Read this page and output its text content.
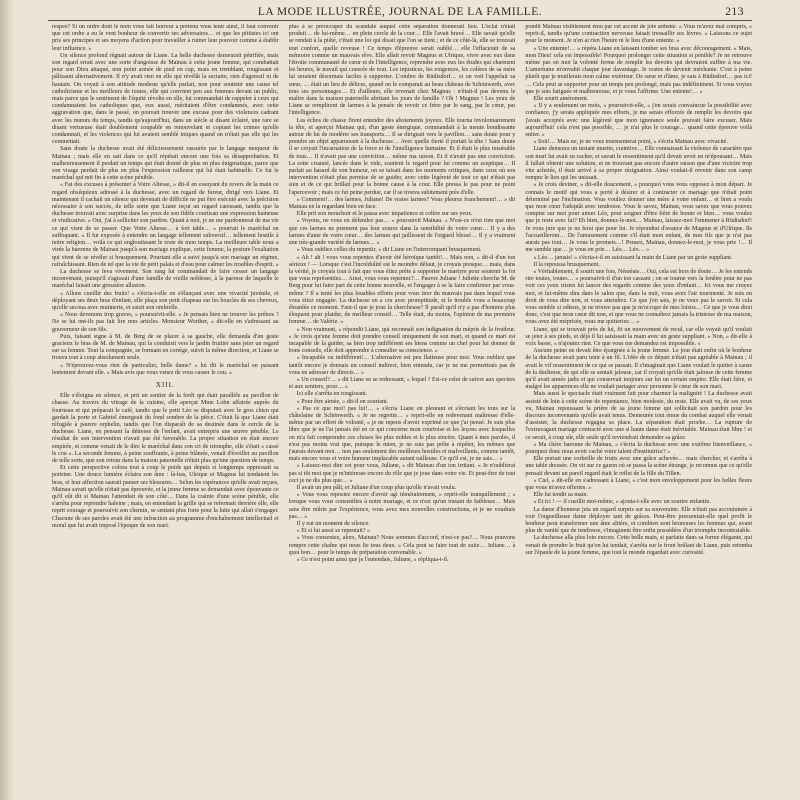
LA MODE ILLUSTRÉE, JOURNAL DE LA FAMILLE.	213

respee? Si un ordre dont le nom vous fait horreur a prétenu vous tenir ainsi, il faut convenir que cet ordre a eu le vent bonheur de convertir ses adversaires… et que les pitiistes ici ont pris ses principes et ses moyens d'action pour travailler à ruiner leur pouvoir comme à établir leur influence. »

Un silence profond régnait autour de Liane. La belle duchesse demeurait pétrifiée, mais son regard errait avec une sorte d'angoisse de Mainau à cette jeune femme, qui combattait pour son Dieu attaqué, non point armée de pied en cap, mais en tremblant, rougissant et pâlissant alternativement. Il n'y avait rien en elle qui révélât la sectaire, rien d'agressif ni de hautain. On voyait à son attitude modeste qu'elle parlait, non pour soutenir une cause tel catholicisme et les meilleurs de toutes, elle qui convient peu aux femmes devant un public, mais parce que le sentiment de l'équité révolte en elle, lui commandait de rappeler à ceux qui condamnaient les catholiques que, eux aussi, méritaient d'être condamnés, avec cette aggravation que, dans le passé, on pouvait trouver une excuse pour des violences cadrant avec les mœurs du temps, tandis qu'aujourd'hui, dans un siècle si disant éclairé, une rare se disant vertueuse était doublement coupable en renouvelant et copiant les crimes qu'elle condamnait, et les violences qui lui avaient semblé iniques quand on n'était pas elle qui les commettait.

Sans doute la duchesse avait été délicieusement rassurée par le langage moqueur de Mainau ; mais elle en sait dans ce qu'il répétait encore une fois sa désapprobation. Et malheureusement il perdait un temps qui était donné de plus en plus énigmatique, parce que son visage perdait de plus en plus l'expression railleuse qui lui était habituelle. Ce fut le maréchal qui mit fin à cette scène pénible.

« Fai des excuses à présenter à Votre Altesse, » dit-il en essuyant du revers de la main ce regard obséquieux adressé à la duchesse, avec un regard de fureur, dirigé vers Liane. Et maintenant il cachait un silence qui devenait de difficile ne put être exécuté avec la précision nécessaire à son succès, de telle sorte que Liane reçut un regard caressant, tandis que la duchesse trouvait avec surprise dans les yeux de son fidèle courtisan une expression haineuse et vindicative. « Oui, j'ai à solliciter son pardon. Quant à moi, je ne me pardonnerai de ma vie ce qui vient de se passer. Que Votre Altesse… à fort table… » pourrait le maréchal en suffoquant. « Il fut exposée à entendre un langage tellement subversif… tellement hostile à notre religion… voilà ce qui engloutissant le reste de mon temps. La meilleure table nous a virée la baronne de Mainau jusqu'à son mariage explique, cette femme, la posture l'exaltation qui vient de se révéler si brusquement. Pourtant elle a suivi jusqu'à son mariage un régime, rafraîchissant. Rien de tel que la vie de petit palais et d'eau pour calmer les troubles d'esprit. »

La duchesse se leva vivement. Son rang lui commandait de faire cesser un langage inconvenant, puisqu'il s'agissait d'une famille de vieille noblesse, à la paresse de laquelle le maréchal faisait une grossière allusion.

« Allons cueillir des fruits! » s'écria-t-elle en s'élançant avec une vivacité juvénile, et déployant ses deux bras d'enfant, elle plaça son petit chapeau sur les boucles de ses cheveux, qu'elle secoua avec mutinerie, et saisit son ombrelle.

« Nous devenons trop graves, » poursuivit-elle. « Je pensais bien ne trouver les prêtres ? Ne se lui ont-ils pas fait lire mes articles. Monsieur Worther, » dit-elle en s'adressant au gouverneur de son fils.

Puis, faisant signe à M. de Berg de se placer à sa gauche, elle demanda d'un geste gracieux le bras de M. de Mainau, qui la conduisit vers le jardin fruitier sans jeter un regard sur sa femme. Tout la compagnie, se formant en cortège, suivit la même direction, et Liane se trouva tout à coup absolument seule.

« N'éprouvez-vous rien de particulier, belle dame? » lui dit le maréchal en passant lentement devant elle. « Mais avis que vous venez de vous casser le cou. »

XIII.

Elle s'éloigna en silence, et prit un sentier de la forêt qui était parallèle au pavillon de chasse. Au travers du vitrage de la cuisine, elle aperçut Mme Lohn affairée auprès du fourneau et qui préparait le café, tandis que le petit Léo se disputait avec le gros chien qui gardait la porte et Gabriel émergeait du fond sombre de la pièce. C'était là que Liane était réfugiée à pauvre orphelin, tandis que l'on disparaît de sa destinée dans le cercle de la duchesse. Liane, en pensant la détresse de l'enfant, avait entrepris une œuvre pénible. Le résultat de son intervention n'avait pas été favorable. La propre situation en était encore empirée, et comme venait de le dire le maréchal dans son cri de triomphe, elle s'était « cassé le cou ». La seconde femme, à peine souffrante, à peine blâmée, venait d'éveiller au pavillon de telle sorte, que son retour dans la maison paternelle n'était plus qu'une question de temps.

Et cette perspective colora tout à coup le poids qui depuis si longtemps oppressait sa poitrine. Une douce lumière éclaira son âme : là-bas, Ulrique et Magnus lui tendaient les bras, et leur affection saurait panser ses blessures… Selon les espérances qu'elle avait reçues, Mainau savait qu'elle n'était pas éprouvée, et la jeune femme se demandait avec épouvante ce qu'il eût dit si Mainau l'attendait de son côté… Dans la crainte d'une scène pénible, elle s'arrêta pour reprendre haleine ; mais, en entendant la grille qui se refermait derrière elle, elle reprit courage et poursuivit son chemin, se sentant plus forte pour la lutte qui allait s'engager. Chacune de ses paroles avait été une infraction au programme d'enchaînement intellectuel et moral que lui avait imposé l'époque de son mari.

plus à se préoccuper du scandale auquel cette séparation donnerait lieu. L'éclat n'était produit… de lui-même… en plein cercle de la cour… Elle l'avait bravé… Elle savait qu'elle se rendait à la piété, c'était une loi qui disait que l'on se tient ; et de ce côté-là, elle se trouvait tout confort, quelle reveuse ! Ce temps d'épreuve serait oublié… elle l'effacerait de sa mémoire comme un mauvais rêve. Elle allait revoir Magnus et Ulrique, vivre avec eux dans l'étroite communauté de cœur et de l'intelligence, reprendre avec eux les études qui charment les heures, le travail qui console de tout. Les injustices, les exigences, les colères de sa mère lui seraient désormais faciles à supporter. L'ombre de Rüdisdorf… si on voit l'appelait sa sœur, … était un lieu de délices, quand on le comparait au beau château de Schönwerth, avec tous ses personnages… Et d'ailleurs, elle revenait chez Magnus : n'était-il pas devenu le maître dans la maison paternelle abritant les jours de famille ? Oh ! Magnus ! Les yeux de Liane se remplirent de larmes à la pensée de revoir ce frère par le sang, par le cœur, par l'intelligence.

Les échos de chasse firent entendre des aboiements joyeux. Elle tourna involontairement la tête, et aperçut Mainau qui, d'un geste énergique, commandait à la meute bondissante autour de lui de modérer ses transports… Il se dirigeait vers le pavillon… sans doute pour y prendre un objet appartenant à la duchesse… Avec quelle fierté il portait la tête ! Sans doute il se croyait l'incarnation de la force et de l'intelligence humaine. Et il était le plus misérable de tous… Il n'avait pas une conviction… même ma raison. Et il n'avait pas une conviction. La sotte cruauté, lancée dans le vide, soutient le regard pour lui comme un sceptique… Il parlait au hasard de son humeur, on se taisait dans les moments critiques, dans ceux où son intervention n'était plus permise de se guider, avec cette légèreté de tout ce qui n'était pas sien et de ce qui brillait pour la bonne cause à la cour. Elle pressa le pas pour ne point l'apercevoir ; mais ce fut peine perdue, car il se trouva subitement près d'elle.

« Comment!… des larmes, Juliane! De vraies larmes? Vous pleurez franchement!… » dit Mainau en la regardant bien en face.

Elle prit son mouchoir et le passa avec impatience et colère sur ses yeux.

« Voyons, ne vous en défendez pas… » poursuivit Mainau. « N'est-ce n'est rien que moi que ces larmes ne prennent pas leur source dans la sensibilité de votre cœur… Il y a des larmes d'ame de votre cœur… des larmes qui jaillissent de l'orgueil blessé… Il y a vraiment une très-grande variété de larmes… »

« Vous oubliez celles du repentir, » dit Liane en l'interrompant brusquement.

« Ah ! ah ! vous vous repentez d'avoir été héroïque tantôt!… Mais non, » dit-il d'un ton sérieux ! — Lorsque c'est l'incrédulité est le moindre défaut, je croyais presque… mais, dans la vérité, je croyais tout à fait que vous étiez prête à supporter le martyre pour soutenir la foi que vous représentiez… Ainsi, vous vous repentez?… Pauvre Juliane ! Juliette cherche M. de Berg pour lui faire part de cette bonne nouvelle, et l'engager à se la faire confirmer par vous-même ? Il a tenté les plus louables efforts pour vous tirer du mauvais pas dans lequel vous vous étiez engagée. La duchesse en a cru avec promptitude, et le trouble vous a beaucoup ébranlée ce moment. Faut-il que je joue la chercheuse? Il paraît qu'il n'y a pas d'homme plus éloquent pour plaider, de meilleur conseil… Telle était, du moins, l'opinion de ma première femme… de Valérie. »

« Non vraiment, » répondit Liane, qui reconnaît son indignation du mépris de la froideur. « Je crois qu'une femme doit prendre conseil uniquement de son mari, et quand ce mari est incapable de la guider, sa bien trop indifférent ses biens comme un chef pour lui donner de bons conseils, elle doit apprendre à consulter sa conscience. »

« Incapable ou indifférent!… L'alternative est peu flatteuse pour moi. Vous oubliez que tantôt encore je donnais un conseil indirect, bien entendu, car je ne me permettrais pas de vous en adresser de directs… »

« Un conseil?… » dit Liane en se redressant, « lequel ? Est-ce celui de suivre aux spectres et aux sentiers, pour… »

Ici elle s'arrêta en rougissant.

« Pour être aimée, » dit-il en souriant.

« Pas ce que moi! pas lui!… » s'écria Liane en pleurant et s'écriant les tons sur la châtelaine de Schönwerth. « Je ne regrette… » reprit-elle en redevenant maîtresse d'elle-même par un effort de volonté, « je ne repens d'avoir exprimé ce que j'ai pensé. Je suis plus libre que je ne l'ai jamais été en ce qui concerne mon courtoise et les leçons avec lesquelles on m'a fait comprendre ces choses les plus nobles et le plus sincère. Quant à mes paroles, il n'est pas moins vrai que, puisque le mien, je ne suis pas prête à répéter, les mêmes que j'aurais devant moi… non pas seulement des meilleurs hostiles et malveillants, comme tantôt, mais encore vous et votre humeur implacable autant railleuse. Ce qu'il est, je ne sais… »

« Laissez-moi dire cet pour vous, Juliane, » dit Mainau d'un ton irritant. « Je n'oublierai pas si tôt moi que je m'intéresse encore du rôle que je joue dans votre vie. Et peut-être de tout ceci je ne dis plus que… »

Il avait un peu pâli, et Juliane d'un coup plus qu'elle n'avait voulu.

« Vous vous reposiez encore d'avoir agi témérairement, » reprit-elle tranquillement ; « lorsque vous vous consentîtes à notre mariage, et ce n'est qu'un instant de faiblesse… Mais sans être mûrie par l'expérience, vous avez mes nouvelles constructions, et je ne voudrais pas… »

Il y eut un moment de silence.

« Et si lui aussi se repentait? »

« Vous consentez, alors, Mainau? Nous sommes d'accord, n'est-ce pas?… Nous pouvons rompre cette chaîne qui nous lie tous deux. » Cela peut se faire tout de suite… Juliane… à quoi bon… pour le temps de préparation convenable. »

« Ce n'est point ainsi que je l'entendais, Juliane, » répliqua-t-il.

pondit Mainau visiblement ému par cet accent de joie ardente. « Vous m'avez mal compris, » reprit-il, tandis qu'une contraction nerveuse faisait tressaillir ses lèvres. « Laissons ce sujet pour le moment. Je n'en ai rien l'heure ni le lieu d'une entente. »

« Une entente!… » répéta Liane en laissant tomber ses bras avec découragement. « Mais, mon Dieu! cela est impossible! Pourquoi prolonger cette situation si pénible? Je ne retrouve même pas en moi la volonté ferme de remplir les devoirs qui devraient suffire à ma vie. L'amertume m'envahit chaque jour davantage. Je crains de devenir méchante. C'est à peine plutôt que je mutilerais mon calme extérieur. De sœur et d'âme, je suis à Rüdisdorf… pas ici! … Cela peut se supporter pour un temps peu prolongé, mais pas indéfiniment. Si vous voyiez que je suis fatiguée et malheureuse, et je vous l'affirme. Une entente!… »

Elle sourit amèrement.

« Il y a seulement un mois, » poursuivit-elle, « j'en serais convaincue la possibilité avec confiance, j'y serais appliquée mes efforts, je me serais efforcée de remplir les devoirs que j'avais acceptés avec une légèreté que mon ignorance seule pouvait faire excuser. Mais aujourd'hui! cela n'est pas possible, … je n'ai plus le courage… quand cette épreuve voilà entier. »

« Soit!… Mais ne, je ne vous tourmenterai point, » s'écria Mainau avec vivacité.

Liane demeura un instant muette, craintive… Elle connaissait la violence de caractère que son mari lui avait su cacher, et savait le ressentiment qu'il devait avoir en m'épousant… Mais il fallait obtenir une solution, et ne trouvant pas encore d'autre raison que d'une victoire trop vite achetée, il était arrivé à sa propre résignation. Ainsi voulait-il revenir dans son camp rompre le lien qui les unissait.

« Je crois deviner, » dit-elle doucement, « pourquoi vous vous opposez à mon départ. Je connais le motif qui vous a porté à désirer et à contracter ce mariage que n'était point déterminé par l'inclination. Vous vouliez donner une mère à votre enfant… et bien a voulu que mon cœur l'adoptât avec tendresse. Vous le savez, Mainau, vous savez que vous pouvez compter sur moi pour aimer Léo, pour soigner d'être fière de bonne et bien… vous voulez que je reste avec lui? Eh bien, donnez-le-moi… Mainau, laissez-moi l'emmener à Rüdisdorf! Je vous jure que je ne ferai que pour lui. Je répondrai d'avance de Magnus et d'Ulrique. Ils l'accueilleront… De l'amusement comme s'il était mon enfant, de mes fils que je n'ai pas aurais pas tout… Je vous le promets…! Pensez, Mainau, donnez-le-moi, je vous prie !… Il me semble que… je vous en prie… Léo… Léo… »

« Léo… jamais! » s'écria-t-il en saisissant la main de Liane par un geste suppliant.

Il la repoussa brusquement.

« Véritablement, il sourit une fois, Néméais… Oui, cela est hors de doute… Je les entends rire toutes, toutes… » poursuivit-il d'un ton cassant ; on se tourne vers la fenêtre pour ne pas voir ces yeux tristes lui lancer des regards comme des yeux d'enfant… Ici vous me croyez moi, et lui-même dira dans le salon que, dans la nuit, vous avez l'air tourmenté. Je suis en droit de vous dire non, et vous attendrez. Ce que j'en sais, je ne veux pas le savoir. Si cela vous semble si odieux, je ne trouve pas que je m'occupe de mes loisirs… Ce que je vous dirai donc, c'est que mon cœur dit non, et que vous ne connaîtrez jamais la tristesse de ma maison, vous avez été méprisée, vous me quitteriez… »

Liane, qui se trouvait près de lui, fit un mouvement de recul, car elle voyait qu'il voulait se jeter à ses pieds, et déjà il lui saisissait la main avec un geste suppliant. « Non, » dit-elle à voix basse, « n'ajoutez rien. Ce que vous me demandez est impossible. »

Aucune peine ne devait être épargnée à la jeune femme. Le jour était enfin où le bonheur de la duchesse avait paru tenir à un fil. L'idée de ce départ n'était pas agréable à Mainau ; il avait le vif ressentiment de ce qui se passait. Il s'imaginait que Liane voulait le quitter à cause de la duchesse, de qui elle se sentait jalouse, car il croyait qu'elle était jalouse de cette femme qu'il avait aimée jadis et qui conservait toujours sur lui un certain empire. Elle était fière, et malgré les apparences elle ne voulait partager avec personne le cœur de son mari.

Mais aussi le spectacle était vraiment fait pour charmer la malignité ! La duchesse avait assisté de loin à cette scène de repentance, bien modeste, du reste. Elle avait vu, de ses yeux vu, Mainau repoussant la prière de sa jeune femme qui sollicitait son pardon pour les discours inconvenants qu'elle avait tenus. Demeurée tout émue du combat auquel elle venait d'assister, la duchesse regagna sa place. La séparation était proche… La rupture de l'extravagant mariage contracté avec une si haute dame était inévitable. Mainau était libre ! et ce serait, à coup sûr, elle seule qu'il reviendrait demander sa grâce.

« Ma chère baronne de Mainau, » s'écria la duchesse avec une extrême bienveillance, « pourquoi donc nous avoir caché votre talent d'institutrice? »

Elle portait une corbeille de fruits avec une grâce achevée… mais chercher, et s'arrêta à une table dressée. On vit sur ce gazon où se passa la scène étrange, je reconnus que ce qu'elle pensait devant un pareil regard était le reflet de la fille du Tillen.

« Ciel, » dit-elle en s'adressant à Liane, « c'est mon enveloppement pour les belles fleurs que vous m'avez offertes. »

Elle lui tendit sa main.

« Et ici ! — il cueillit moi-même, » ajouta-t-elle avec un sourire enfantin.

La dame d'honneur jeta un regard surpris sur sa souveraine. Elle n'était pas accoutumée à voir l'orgueilleuse dame déployer tant de grâces. Peut-être pressentait-elle quel profit le bonheur peut transformer une âme altière, et combien sont heureuses les femmes qui, avant plus de vanité que de tendresse, s'imaginent être enfin possédées d'un triomphe incontestable.

La duchesse alla plus loin encore. Cette belle main, si parfaite dans sa forme élégante, qui venait de prendre le fruit qu'on lui tendait, s'arrêta sur le front brûlant de Liane, puis retomba sur l'épaule de la jeune femme, que tout le monde regardait avec curiosité.
